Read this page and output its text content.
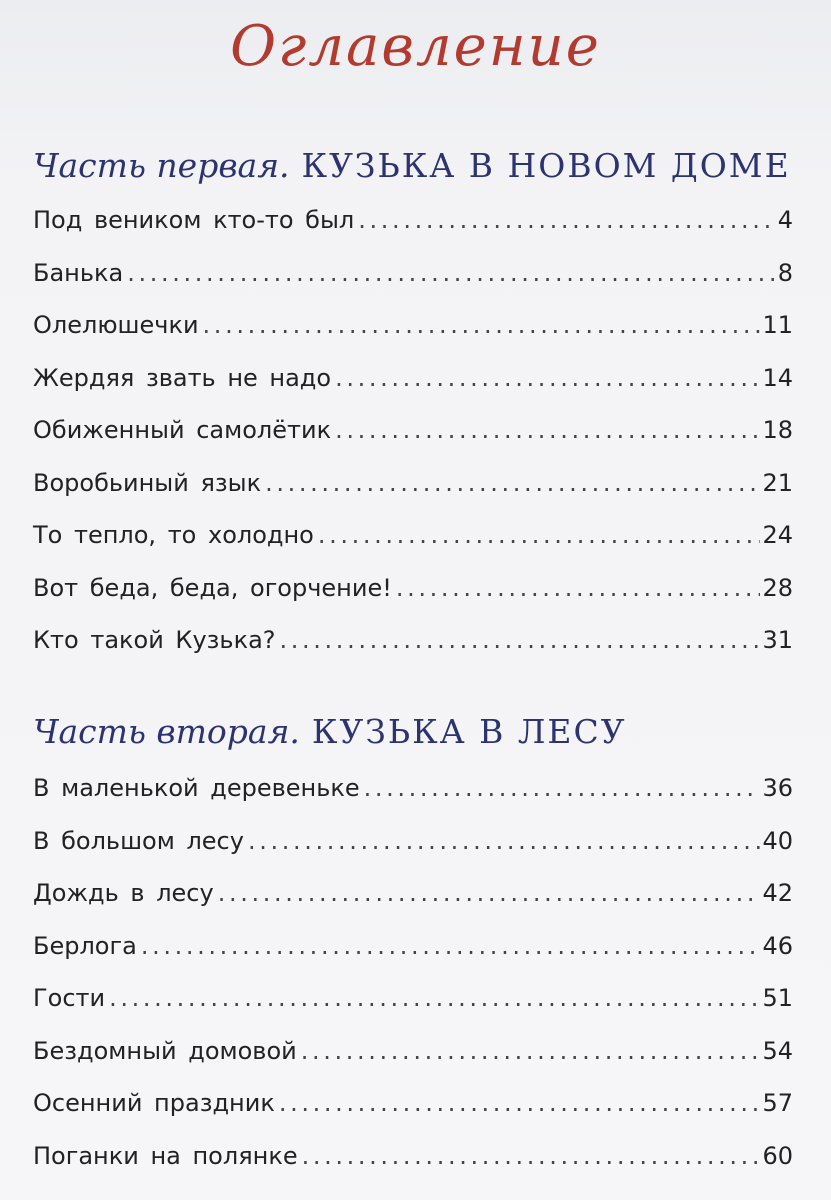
Оглавление
Часть первая. КУЗЬКА В НОВОМ ДОМЕ
Под веником кто-то был . . .	4
Банька . . .	8
Олелюшечки . . .	11
Жердяя звать не надо . . .	14
Обиженный самолётик . . .	18
Воробьиный язык . . .	21
То тепло, то холодно . . .	24
Вот беда, беда, огорчение! . . .	28
Кто такой Кузька? . . .	31
Часть вторая. КУЗЬКА В ЛЕСУ
В маленькой деревеньке . . .	36
В большом лесу . . .	40
Дождь в лесу . . .	42
Берлога . . .	46
Гости . . .	51
Бездомный домовой . . .	54
Осенний праздник . . .	57
Поганки на полянке . . .	60
